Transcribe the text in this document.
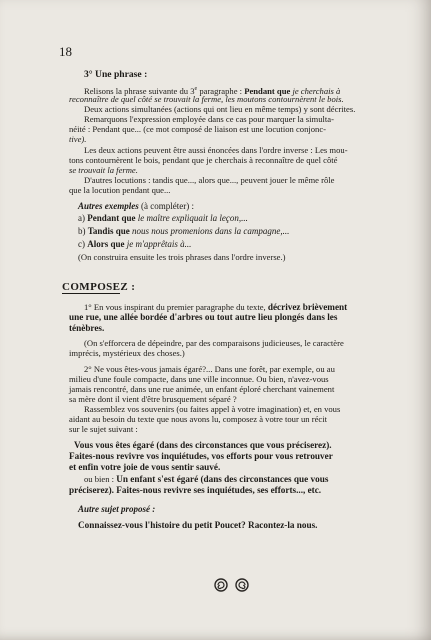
18
3° Une phrase :
Relisons la phrase suivante du 3e paragraphe : Pendant que je cherchais à
reconnaître de quel côté se trouvait la ferme, les moutons contournèrent le bois.
Deux actions simultanées (actions qui ont lieu en même temps) y sont décrites.
Remarquons l'expression employée dans ce cas pour marquer la simulta-
néité : Pendant que... (ce mot composé de liaison est une locution conjonc-
tive).
Les deux actions peuvent être aussi énoncées dans l'ordre inverse : Les mou-
tons contournèrent le bois, pendant que je cherchais à reconnaître de quel côté
se trouvait la ferme.
D'autres locutions : tandis que..., alors que..., peuvent jouer le même rôle
que la locution pendant que...
Autres exemples (à compléter) :
a) Pendant que le maître expliquait la leçon,...
b) Tandis que nous nous promenions dans la campagne,...
c) Alors que je m'apprêtais à...
(On construira ensuite les trois phrases dans l'ordre inverse.)
COMPOSEZ :
1° En vous inspirant du premier paragraphe du texte, décrivez brièvement
une rue, une allée bordée d'arbres ou tout autre lieu plongés dans les
ténèbres.
(On s'efforcera de dépeindre, par des comparaisons judicieuses, le caractère
imprécis, mystérieux des choses.)
2° Ne vous êtes-vous jamais égaré?... Dans une forêt, par exemple, ou au
milieu d'une foule compacte, dans une ville inconnue. Ou bien, n'avez-vous
jamais rencontré, dans une rue animée, un enfant éploré cherchant vainement
sa mère dont il vient d'être brusquement séparé ?
Rassemblez vos souvenirs (ou faites appel à votre imagination) et, en vous
aidant au besoin du texte que nous avons lu, composez à votre tour un récit
sur le sujet suivant :
Vous vous êtes égaré (dans des circonstances que vous préciserez).
Faites-nous revivre vos inquiétudes, vos efforts pour vous retrouver
et enfin votre joie de vous sentir sauvé.
ou bien : Un enfant s'est égaré (dans des circonstances que vous
préciserez). Faites-nous revivre ses inquiétudes, ses efforts..., etc.
Autre sujet proposé :
Connaissez-vous l'histoire du petit Poucet? Racontez-la nous.
